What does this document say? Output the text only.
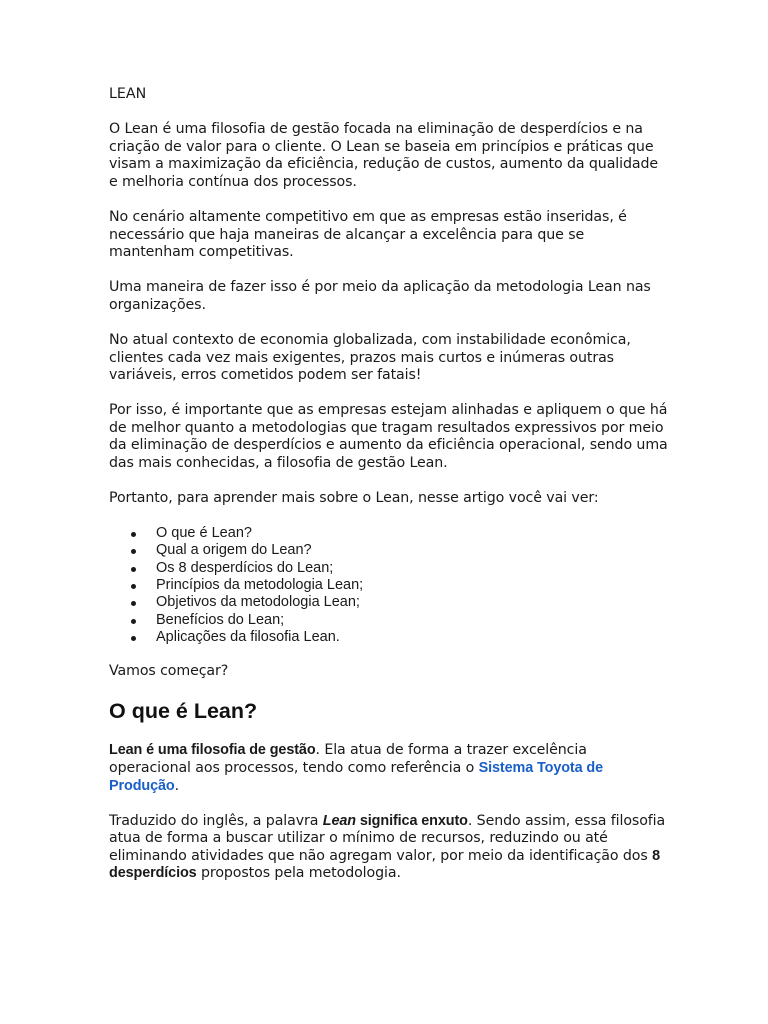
LEAN

O Lean é uma filosofia de gestão focada na eliminação de desperdícios e na criação de valor para o cliente. O Lean se baseia em princípios e práticas que visam a maximização da eficiência, redução de custos, aumento da qualidade e melhoria contínua dos processos.

No cenário altamente competitivo em que as empresas estão inseridas, é necessário que haja maneiras de alcançar a excelência para que se mantenham competitivas.

Uma maneira de fazer isso é por meio da aplicação da metodologia Lean nas organizações.

No atual contexto de economia globalizada, com instabilidade econômica, clientes cada vez mais exigentes, prazos mais curtos e inúmeras outras variáveis, erros cometidos podem ser fatais!

Por isso, é importante que as empresas estejam alinhadas e apliquem o que há de melhor quanto a metodologias que tragam resultados expressivos por meio da eliminação de desperdícios e aumento da eficiência operacional, sendo uma das mais conhecidas, a filosofia de gestão Lean.

Portanto, para aprender mais sobre o Lean, nesse artigo você vai ver:

O que é Lean?
Qual a origem do Lean?
Os 8 desperdícios do Lean;
Princípios da metodologia Lean;
Objetivos da metodologia Lean;
Benefícios do Lean;
Aplicações da filosofia Lean.

Vamos começar?

O que é Lean?

Lean é uma filosofia de gestão. Ela atua de forma a trazer excelência operacional aos processos, tendo como referência o Sistema Toyota de Produção.

Traduzido do inglês, a palavra Lean significa enxuto. Sendo assim, essa filosofia atua de forma a buscar utilizar o mínimo de recursos, reduzindo ou até eliminando atividades que não agregam valor, por meio da identificação dos 8 desperdícios propostos pela metodologia.
